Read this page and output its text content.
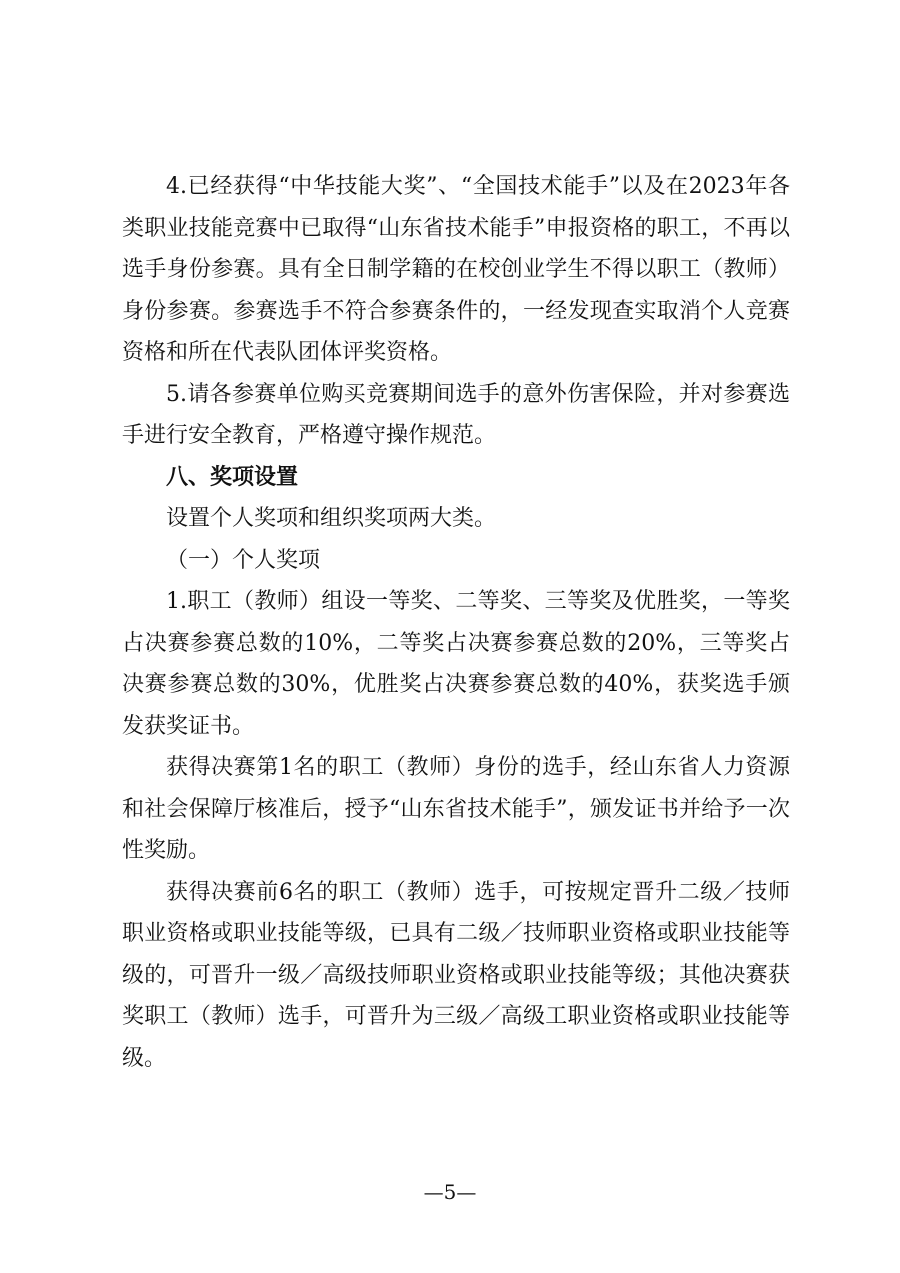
4.已经获得“中华技能大奖”、“全国技术能手”以及在2023年各类职业技能竞赛中已取得“山东省技术能手”申报资格的职工，不再以选手身份参赛。具有全日制学籍的在校创业学生不得以职工（教师）身份参赛。参赛选手不符合参赛条件的，一经发现查实取消个人竞赛资格和所在代表队团体评奖资格。

5.请各参赛单位购买竞赛期间选手的意外伤害保险，并对参赛选手进行安全教育，严格遵守操作规范。

八、奖项设置

设置个人奖项和组织奖项两大类。

（一）个人奖项

1.职工（教师）组设一等奖、二等奖、三等奖及优胜奖，一等奖占决赛参赛总数的10%，二等奖占决赛参赛总数的20%，三等奖占决赛参赛总数的30%，优胜奖占决赛参赛总数的40%，获奖选手颁发获奖证书。

获得决赛第1名的职工（教师）身份的选手，经山东省人力资源和社会保障厅核准后，授予“山东省技术能手”，颁发证书并给予一次性奖励。

获得决赛前6名的职工（教师）选手，可按规定晋升二级／技师职业资格或职业技能等级，已具有二级／技师职业资格或职业技能等级的，可晋升一级／高级技师职业资格或职业技能等级；其他决赛获奖职工（教师）选手，可晋升为三级／高级工职业资格或职业技能等级。

—5—
